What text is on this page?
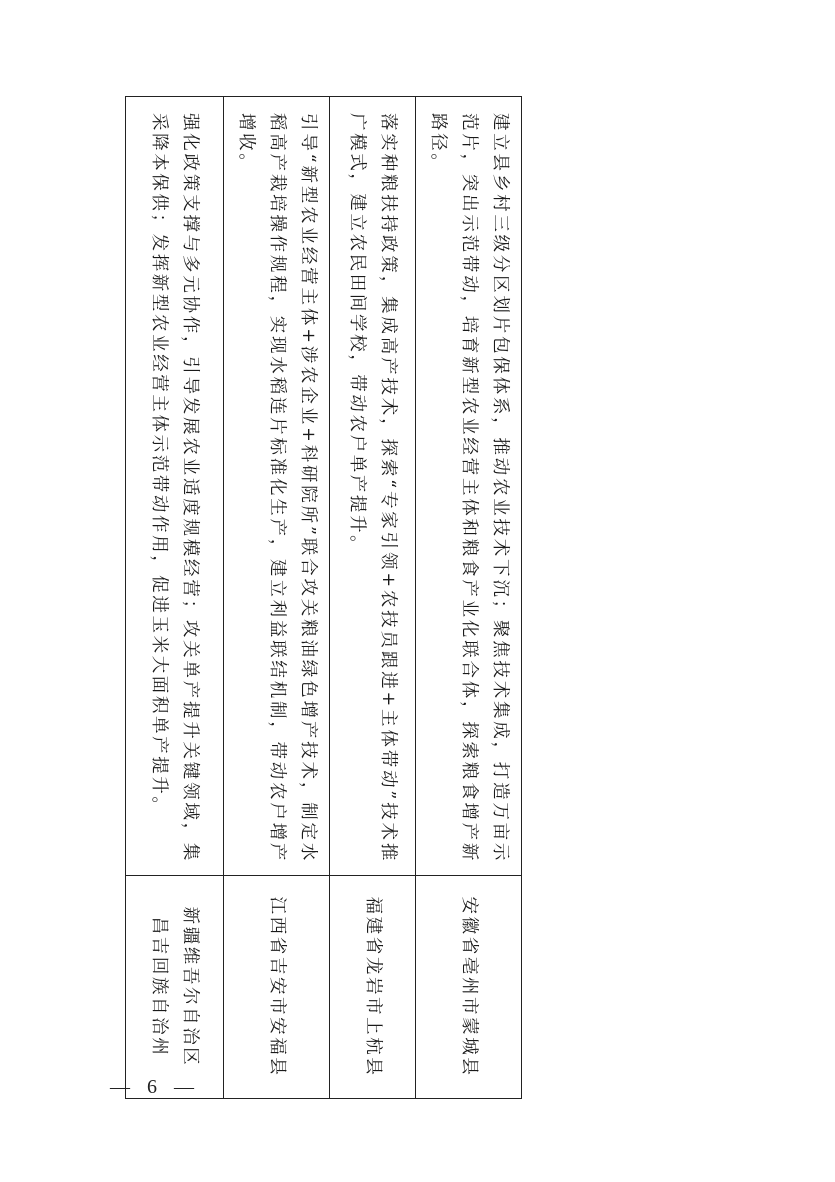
建立县乡村三级分区划片包保体系，推动农业技术下沉；聚焦技术集成，打造万亩示范片，突出示范带动，培育新型农业经营主体和粮食产业化联合体，探索粮食增产新路径。	安徽省亳州市蒙城县

落实种粮扶持政策，集成高产技术，探索“专家引领+农技员跟进+主体带动”技术推广模式，建立农民田间学校，带动农户单产提升。	福建省龙岩市上杭县

引导“新型农业经营主体+涉农企业+科研院所”联合攻关粮油绿色增产技术，制定水稻高产栽培操作规程，实现水稻连片标准化生产，建立利益联结机制，带动农户增产增收。	江西省吉安市安福县

强化政策支撑与多元协作，引导发展农业适度规模经营；攻关单产提升关键领域，集采降本保供；发挥新型农业经营主体示范带动作用，促进玉米大面积单产提升。	新疆维吾尔自治区
昌吉回族自治州
— 6 —
